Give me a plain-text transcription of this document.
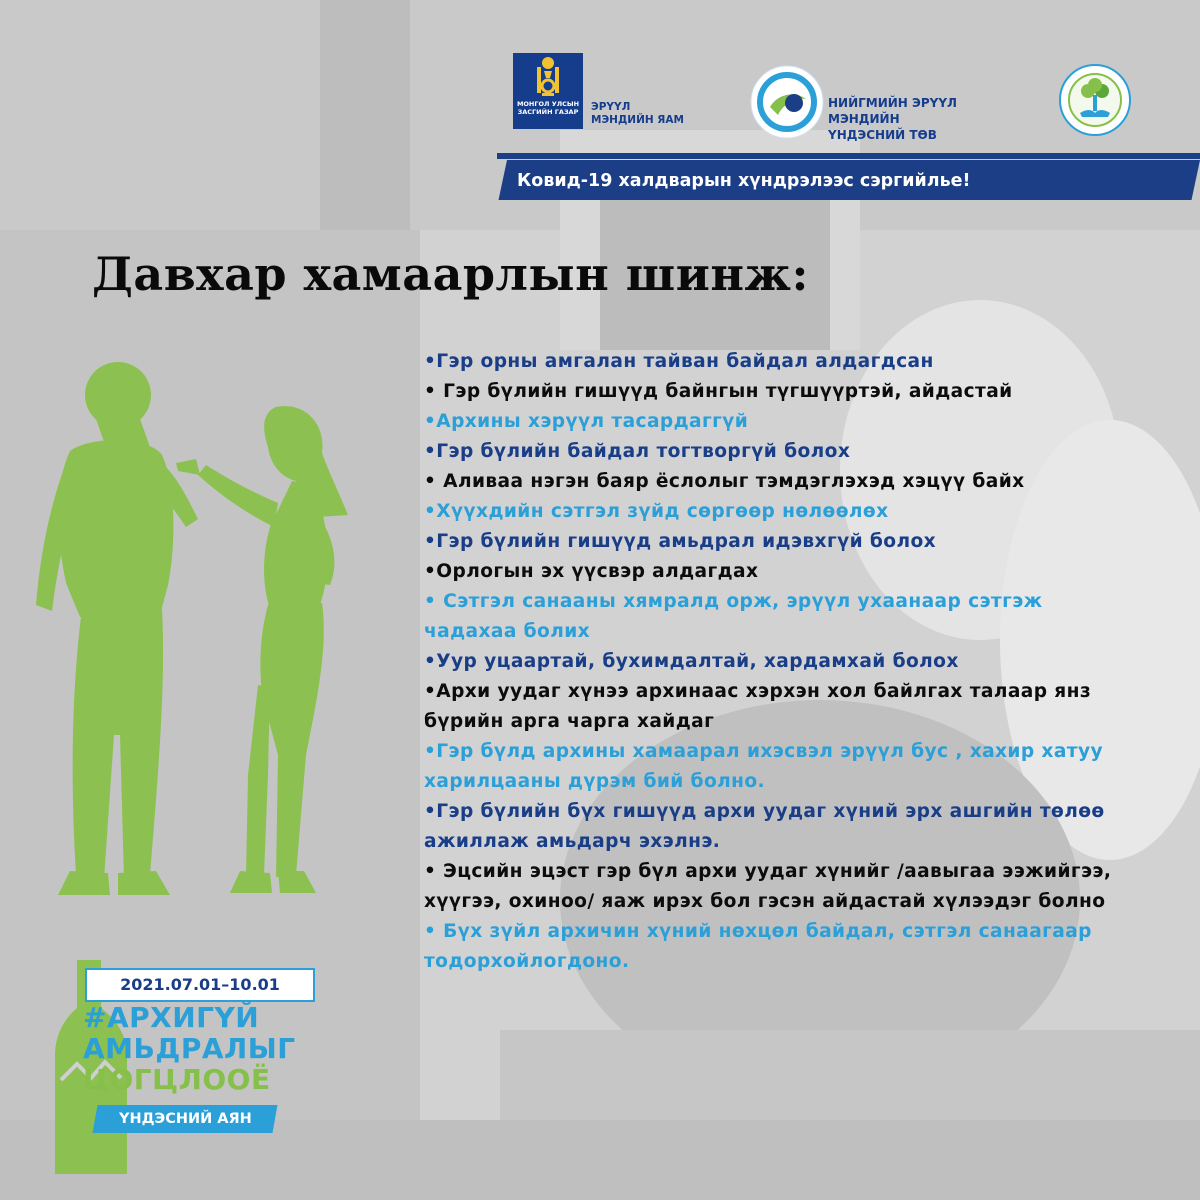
МОНГОЛ УЛСЫН
ЗАСГИЙН ГАЗАР ЭРҮҮЛ
МЭНДИЙН ЯАМ
НИЙГМИЙН ЭРҮҮЛ МЭНДИЙН
ҮНДЭСНИЙ ТӨВ
Ковид-19 халдварын хүндрэлээс сэргийлье!
Давхар хамаарлын шинж:
•Гэр орны амгалан тайван байдал алдагдсан
• Гэр бүлийн гишүүд байнгын түгшүүртэй, айдастай
•Архины хэрүүл тасардаггүй
•Гэр бүлийн байдал тогтворгүй болох
• Аливаа нэгэн баяр ёслолыг тэмдэглэхэд хэцүү байх
•Хүүхдийн сэтгэл зүйд сөргөөр нөлөөлөх
•Гэр бүлийн гишүүд амьдрал идэвхгүй болох
•Орлогын эх үүсвэр алдагдах
• Сэтгэл санааны хямралд орж, эрүүл ухаанаар сэтгэж чадахаа болих
•Уур уцаартай, бухимдалтай, хардамхай болох
•Архи уудаг хүнээ архинаас хэрхэн хол байлгах талаар янз бүрийн арга чарга хайдаг
•Гэр бүлд архины хамаарал ихэсвэл эрүүл бус , хахир хатуу харилцааны дүрэм бий болно.
•Гэр бүлийн бүх гишүүд архи уудаг хүний эрх ашгийн төлөө ажиллаж амьдарч эхэлнэ.
• Эцсийн эцэст гэр бүл архи уудаг хүнийг /аавыгаа ээжийгээ, хүүгээ, охиноо/ яаж ирэх бол гэсэн айдастай хүлээдэг болно
• Бүх зүйл архичин хүний нөхцөл байдал, сэтгэл санаагаар тодорхойлогдоно.
2021.07.01–10.01
#АРХИГҮЙ
АМЬДРАЛЫГ
ЦОГЦЛООЁ
ҮНДЭСНИЙ АЯН
